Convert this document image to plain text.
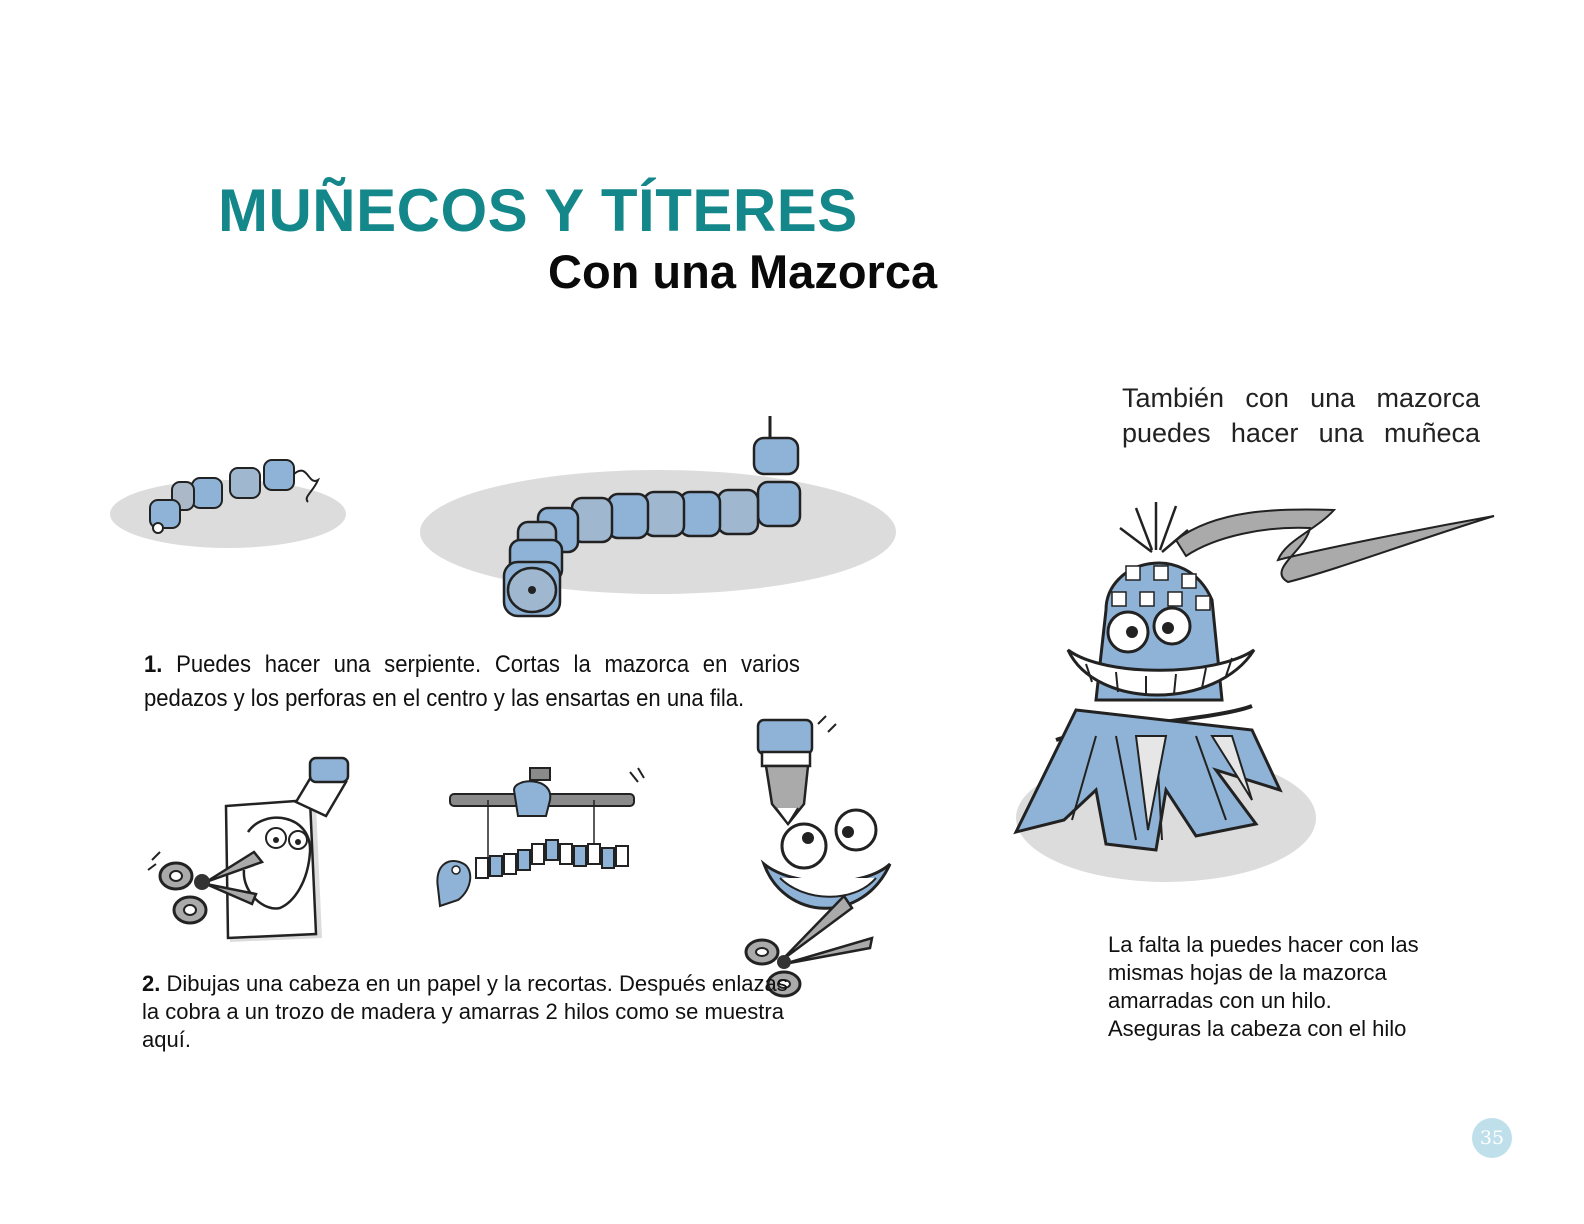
MUÑECOS Y TÍTERES
Con una Mazorca
También con una mazorca puedes hacer una muñeca
1. Puedes hacer una serpiente. Cortas la mazorca en varios pedazos y los perforas en el centro y las ensartas en una fila.
2. Dibujas una cabeza en un papel y la recortas. Después enlazas la cobra a un trozo de madera y amarras 2 hilos como se muestra aquí.
La falta la puedes hacer con las
mismas hojas de la mazorca
amarradas con un hilo.
Aseguras la cabeza con el hilo
35
